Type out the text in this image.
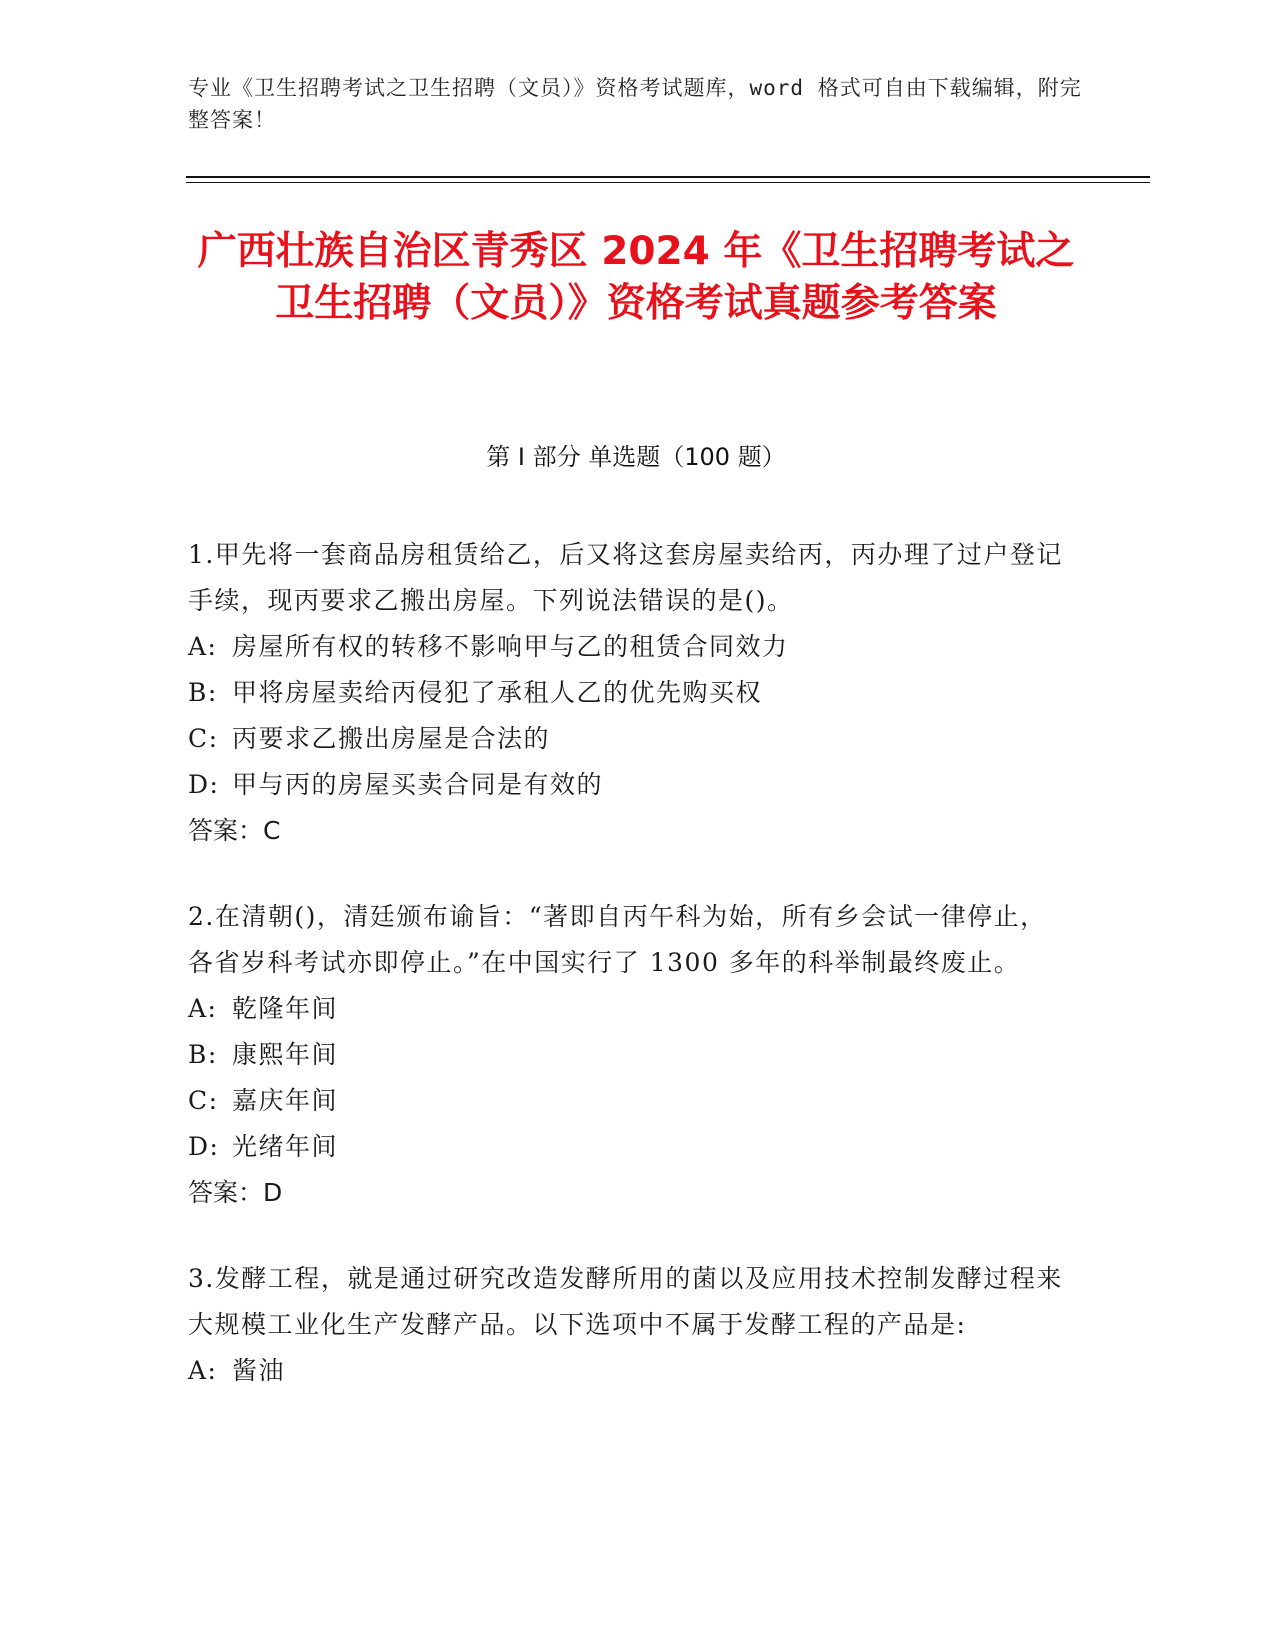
专业《卫生招聘考试之卫生招聘（文员）》资格考试题库，word 格式可自由下载编辑，附完整答案！
广西壮族自治区青秀区 2024 年《卫生招聘考试之卫生招聘（文员）》资格考试真题参考答案
第 I 部分 单选题（100 题）

1.甲先将一套商品房租赁给乙，后又将这套房屋卖给丙，丙办理了过户登记手续，现丙要求乙搬出房屋。下列说法错误的是()。

A: 房屋所有权的转移不影响甲与乙的租赁合同效力

B: 甲将房屋卖给丙侵犯了承租人乙的优先购买权

C: 丙要求乙搬出房屋是合法的

D: 甲与丙的房屋买卖合同是有效的

答案：C

2.在清朝()，清廷颁布谕旨：“著即自丙午科为始，所有乡会试一律停止，各省岁科考试亦即停止。”在中国实行了 1300 多年的科举制最终废止。

A: 乾隆年间

B: 康熙年间

C: 嘉庆年间

D: 光绪年间

答案：D

3.发酵工程，就是通过研究改造发酵所用的菌以及应用技术控制发酵过程来大规模工业化生产发酵产品。以下选项中不属于发酵工程的产品是:

A: 酱油
